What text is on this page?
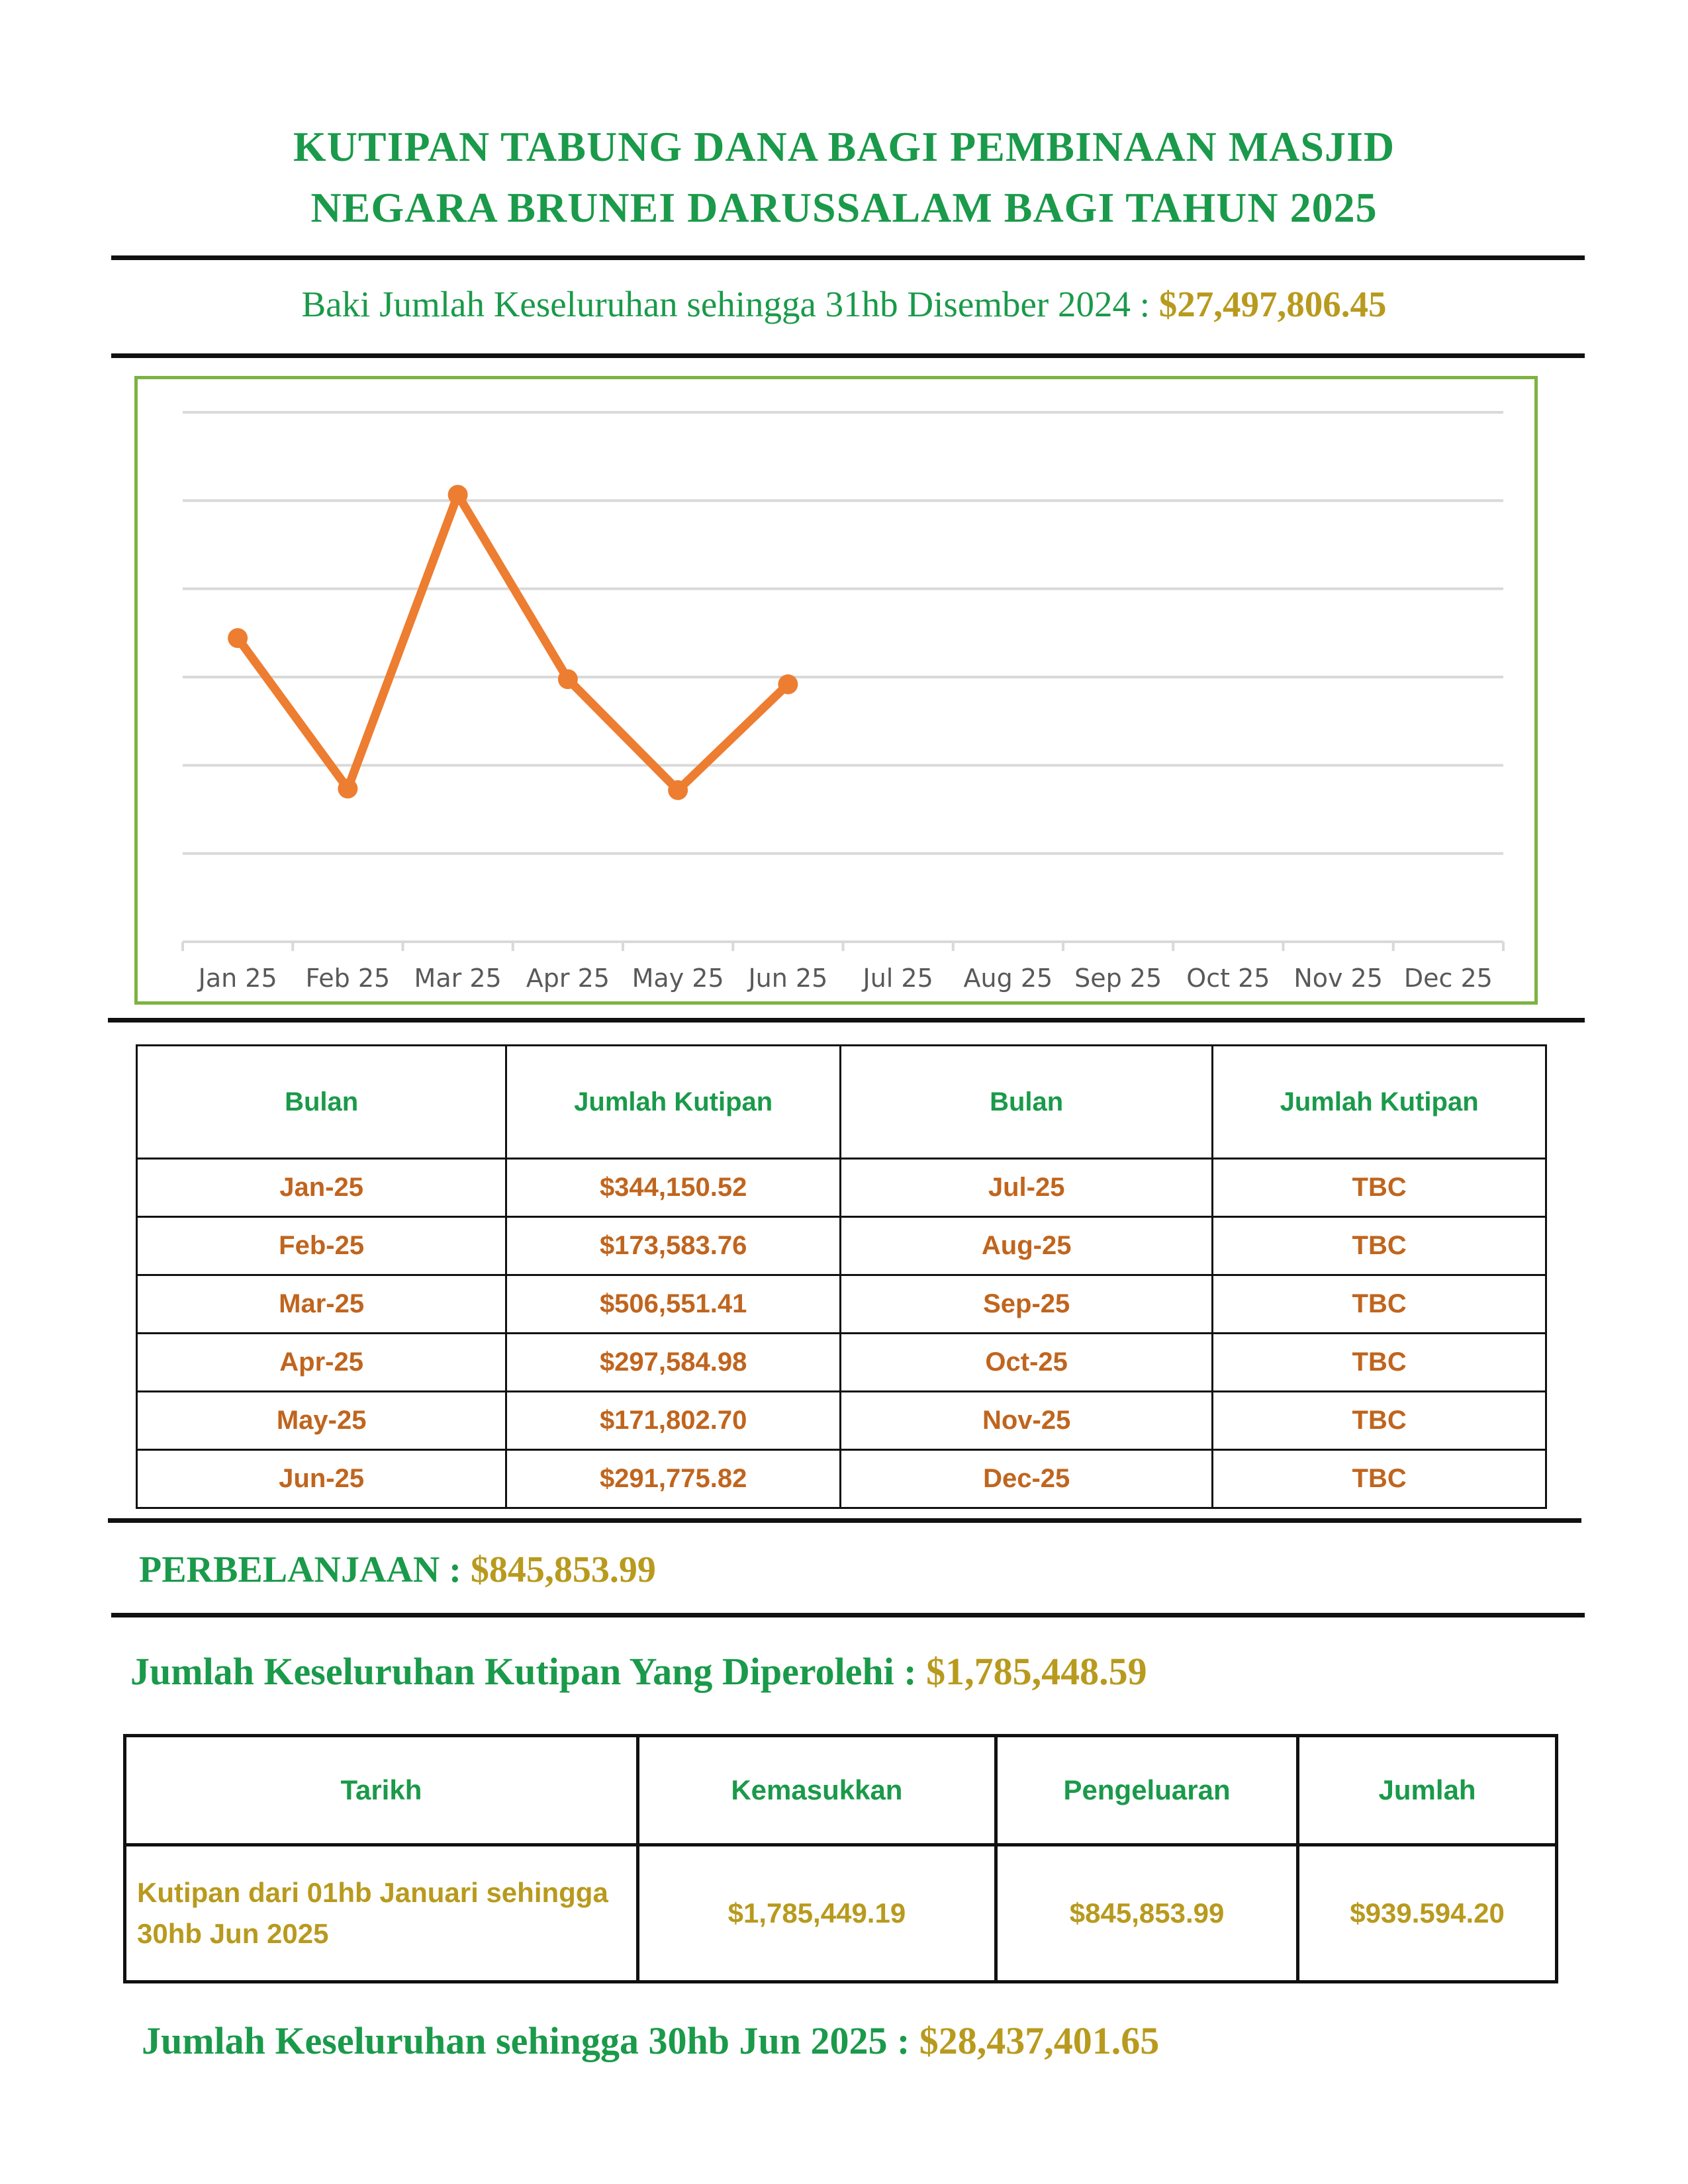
KUTIPAN TABUNG DANA BAGI PEMBINAAN MASJID
NEGARA BRUNEI DARUSSALAM BAGI TAHUN 2025
Baki Jumlah Keseluruhan sehingga 31hb Disember 2024 : $27,497,806.45
Jan 25 Feb 25 Mar 25 Apr 25 May 25 Jun 25 Jul 25 Aug 25 Sep 25 Oct 25 Nov 25 Dec 25
Bulan	Jumlah Kutipan	Bulan	Jumlah Kutipan
Jan-25	$344,150.52	Jul-25	TBC
Feb-25	$173,583.76	Aug-25	TBC
Mar-25	$506,551.41	Sep-25	TBC
Apr-25	$297,584.98	Oct-25	TBC
May-25	$171,802.70	Nov-25	TBC
Jun-25	$291,775.82	Dec-25	TBC
PERBELANJAAN : $845,853.99
Jumlah Keseluruhan Kutipan Yang Diperolehi : $1,785,448.59
Tarikh	Kemasukkan	Pengeluaran	Jumlah
Kutipan dari 01hb Januari sehingga 30hb Jun 2025	$1,785,449.19	$845,853.99	$939.594.20
Jumlah Keseluruhan sehingga 30hb Jun 2025 : $28,437,401.65
